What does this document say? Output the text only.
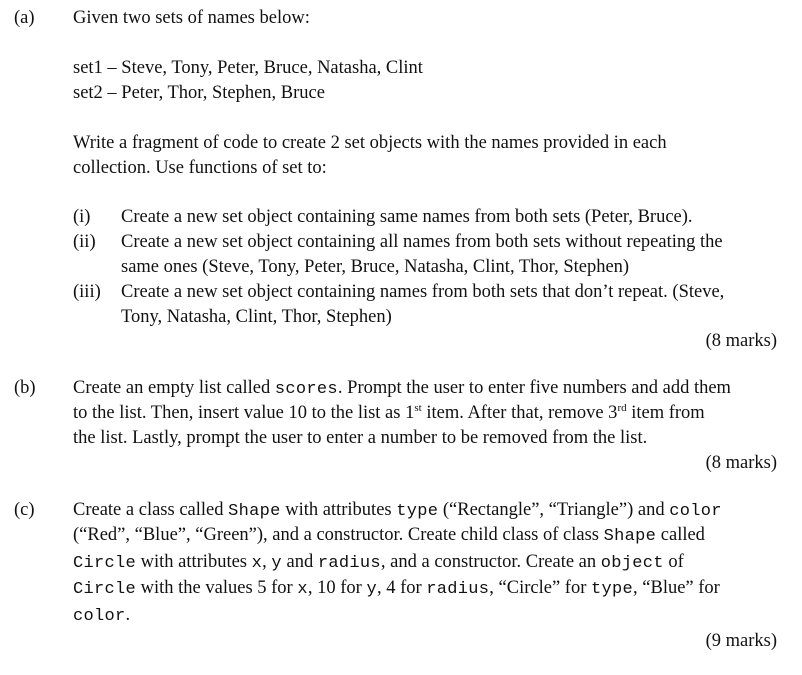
(a) Given two sets of names below:
set1 – Steve, Tony, Peter, Bruce, Natasha, Clint
set2 – Peter, Thor, Stephen, Bruce
Write a fragment of code to create 2 set objects with the names provided in each
collection. Use functions of set to:
(i) Create a new set object containing same names from both sets (Peter, Bruce).
(ii) Create a new set object containing all names from both sets without repeating the
same ones (Steve, Tony, Peter, Bruce, Natasha, Clint, Thor, Stephen)
(iii) Create a new set object containing names from both sets that don’t repeat. (Steve,
Tony, Natasha, Clint, Thor, Stephen)
(8 marks)
(b) Create an empty list called scores. Prompt the user to enter five numbers and add them
to the list. Then, insert value 10 to the list as 1st item. After that, remove 3rd item from
the list. Lastly, prompt the user to enter a number to be removed from the list.
(8 marks)
(c) Create a class called Shape with attributes type (“Rectangle”, “Triangle”) and color
(“Red”, “Blue”, “Green”), and a constructor. Create child class of class Shape called
Circle with attributes x, y and radius, and a constructor. Create an object of
Circle with the values 5 for x, 10 for y, 4 for radius, “Circle” for type, “Blue” for
color.
(9 marks)
